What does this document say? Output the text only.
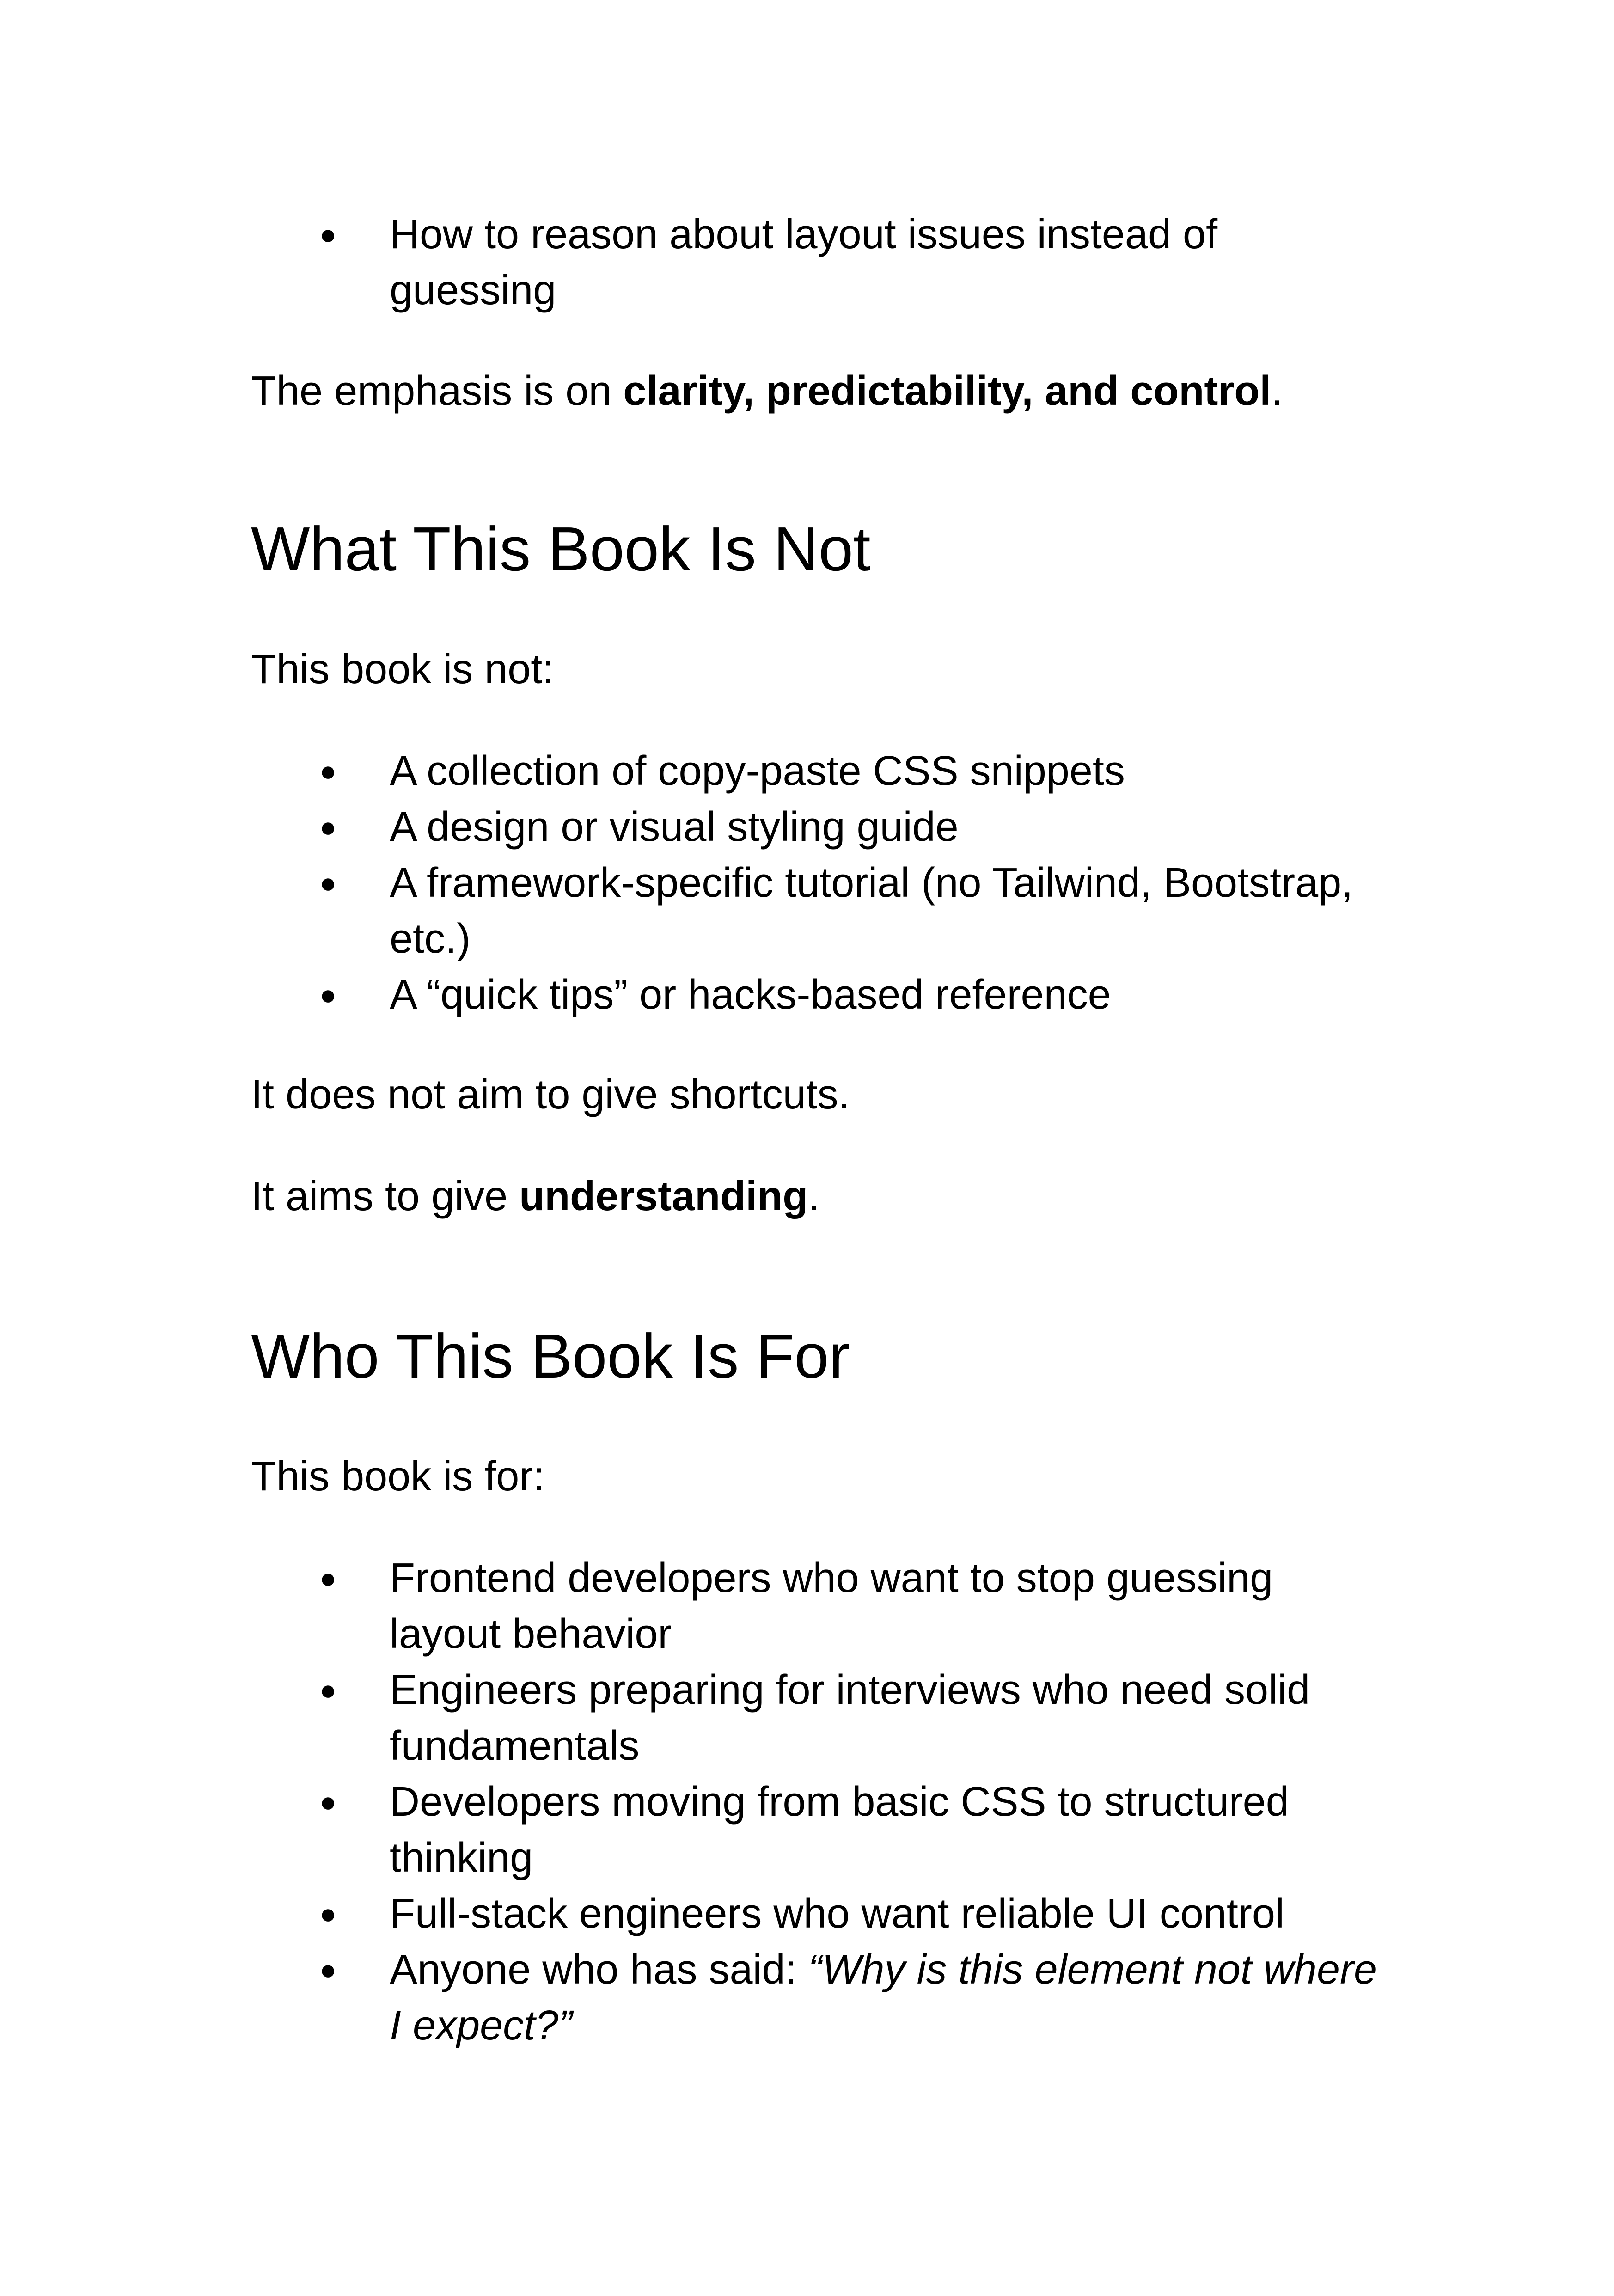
● How to reason about layout issues instead of
guessing

The emphasis is on clarity, predictability, and control.

What This Book Is Not

This book is not:

● A collection of copy-paste CSS snippets
● A design or visual styling guide
● A framework-specific tutorial (no Tailwind, Bootstrap,
etc.)
● A “quick tips” or hacks-based reference

It does not aim to give shortcuts.

It aims to give understanding.

Who This Book Is For

This book is for:

● Frontend developers who want to stop guessing
layout behavior
● Engineers preparing for interviews who need solid
fundamentals
● Developers moving from basic CSS to structured
thinking
● Full-stack engineers who want reliable UI control
● Anyone who has said: “Why is this element not where
I expect?”
